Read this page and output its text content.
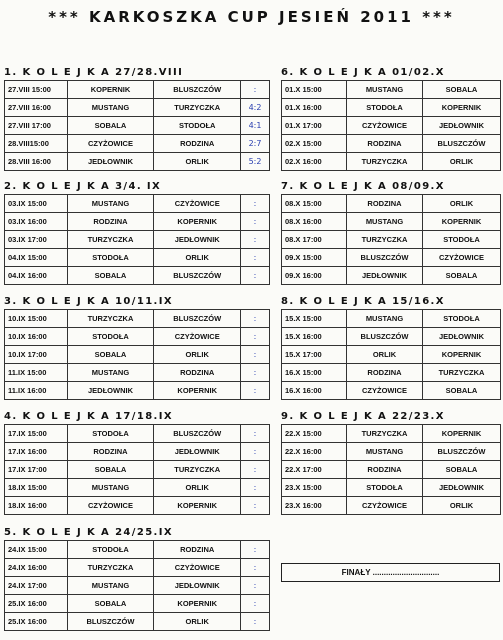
*** KARKOSZKA CUP JESIEŃ 2011 ***
1. K O L E J K A 27/28.VIII
27.VIII 15:00	KOPERNIK	BLUSZCZÓW	:
27.VIII 16:00	MUSTANG	TURZYCZKA	4:2
27.VIII 17:00	SOBALA	STODOŁA	4:1
28.VIII15:00	CZYŻOWICE	RODZINA	2:7
28.VIII 16:00	JEDŁOWNIK	ORLIK	5:2
6. K O L E J K A 01/02.X
01.X 15:00	MUSTANG	SOBALA
01.X 16:00	STODOŁA	KOPERNIK
01.X 17:00	CZYŻOWICE	JEDŁOWNIK
02.X 15:00	RODZINA	BLUSZCZÓW
02.X 16:00	TURZYCZKA	ORLIK
2. K O L E J K A 3/4. IX
03.IX 15:00	MUSTANG	CZYŻOWICE	:
03.IX 16:00	RODZINA	KOPERNIK	:
03.IX 17:00	TURZYCZKA	JEDŁOWNIK	:
04.IX 15:00	STODOŁA	ORLIK	:
04.IX 16:00	SOBALA	BLUSZCZÓW	:
7. K O L E J K A 08/09.X
08.X 15:00	RODZINA	ORLIK
08.X 16:00	MUSTANG	KOPERNIK
08.X 17:00	TURZYCZKA	STODOŁA
09.X 15:00	BLUSZCZÓW	CZYŻOWICE
09.X 16:00	JEDŁOWNIK	SOBALA
3. K O L E J K A 10/11.IX
10.IX 15:00	TURZYCZKA	BLUSZCZÓW	:
10.IX 16:00	STODOŁA	CZYŻOWICE	:
10.IX 17:00	SOBALA	ORLIK	:
11.IX 15:00	MUSTANG	RODZINA	:
11.IX 16:00	JEDŁOWNIK	KOPERNIK	:
8. K O L E J K A 15/16.X
15.X 15:00	MUSTANG	STODOŁA
15.X 16:00	BLUSZCZÓW	JEDŁOWNIK
15.X 17:00	ORLIK	KOPERNIK
16.X 15:00	RODZINA	TURZYCZKA
16.X 16:00	CZYŻOWICE	SOBALA
4. K O L E J K A 17/18.IX
17.IX 15:00	STODOŁA	BLUSZCZÓW	:
17.IX 16:00	RODZINA	JEDŁOWNIK	:
17.IX 17:00	SOBALA	TURZYCZKA	:
18.IX 15:00	MUSTANG	ORLIK	:
18.IX 16:00	CZYŻOWICE	KOPERNIK	:
9. K O L E J K A 22/23.X
22.X 15:00	TURZYCZKA	KOPERNIK
22.X 16:00	MUSTANG	BLUSZCZÓW
22.X 17:00	RODZINA	SOBALA
23.X 15:00	STODOŁA	JEDŁOWNIK
23.X 16:00	CZYŻOWICE	ORLIK
5. K O L E J K A 24/25.IX
24.IX 15:00	STODOŁA	RODZINA	:
24.IX 16:00	TURZYCZKA	CZYŻOWICE	:
24.IX 17:00	MUSTANG	JEDŁOWNIK	:
25.IX 16:00	SOBALA	KOPERNIK	:
25.IX 16:00	BLUSZCZÓW	ORLIK	:
FINAŁY ..............................
